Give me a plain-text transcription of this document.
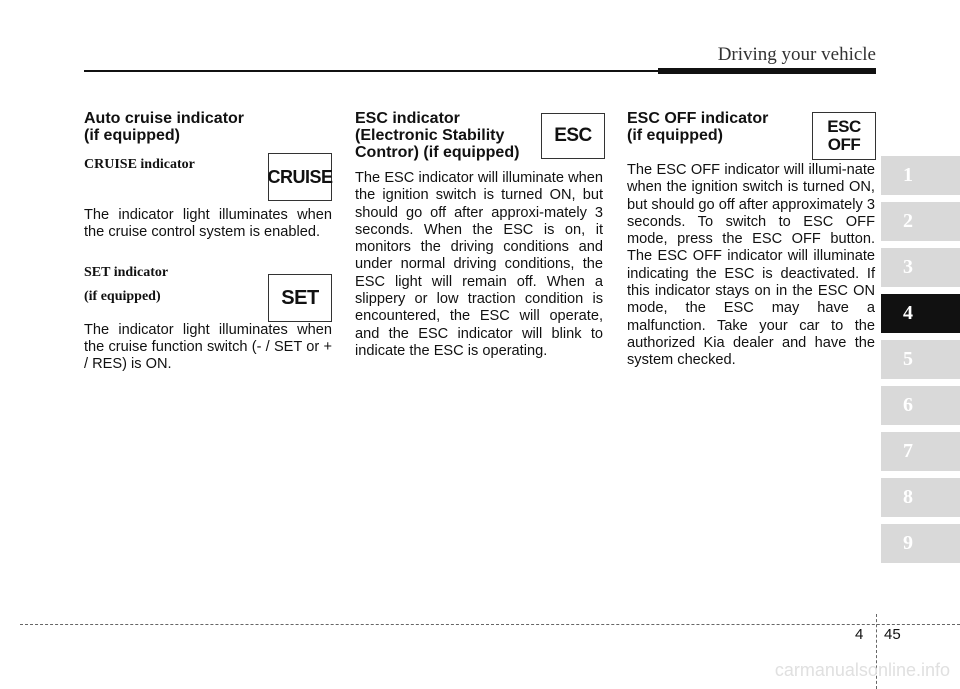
Driving your vehicle

Auto cruise indicator
(if equipped)

CRUISE indicator

The indicator light illuminates when the cruise control system is enabled.

SET indicator
(if equipped)

The indicator light illuminates when the cruise function switch (- / SET or + / RES) is ON.

CRUISE
SET

ESC indicator
(Electronic Stability
Contror) (if equipped)

The ESC indicator will illuminate when the ignition switch is turned ON, but should go off after approxi-mately 3 seconds. When the ESC is on, it monitors the driving conditions and under normal driving conditions, the ESC light will remain off. When a slippery or low traction condition is encountered, the ESC will operate, and the ESC indicator will blink to indicate the ESC is operating.

ESC

ESC OFF indicator
(if equipped)

The ESC OFF indicator will illumi-nate when the ignition switch is turned ON, but should go off after approximately 3 seconds. To switch to ESC OFF mode, press the ESC OFF button. The ESC OFF indicator will illuminate indicating the ESC is deactivated. If this indicator stays on in the ESC ON mode, the ESC may have a malfunction. Take your car to the authorized Kia dealer and have the system checked.

ESC
OFF
1
2
3
4
5
6
7
8
9
4 45
carmanualsonline.info
